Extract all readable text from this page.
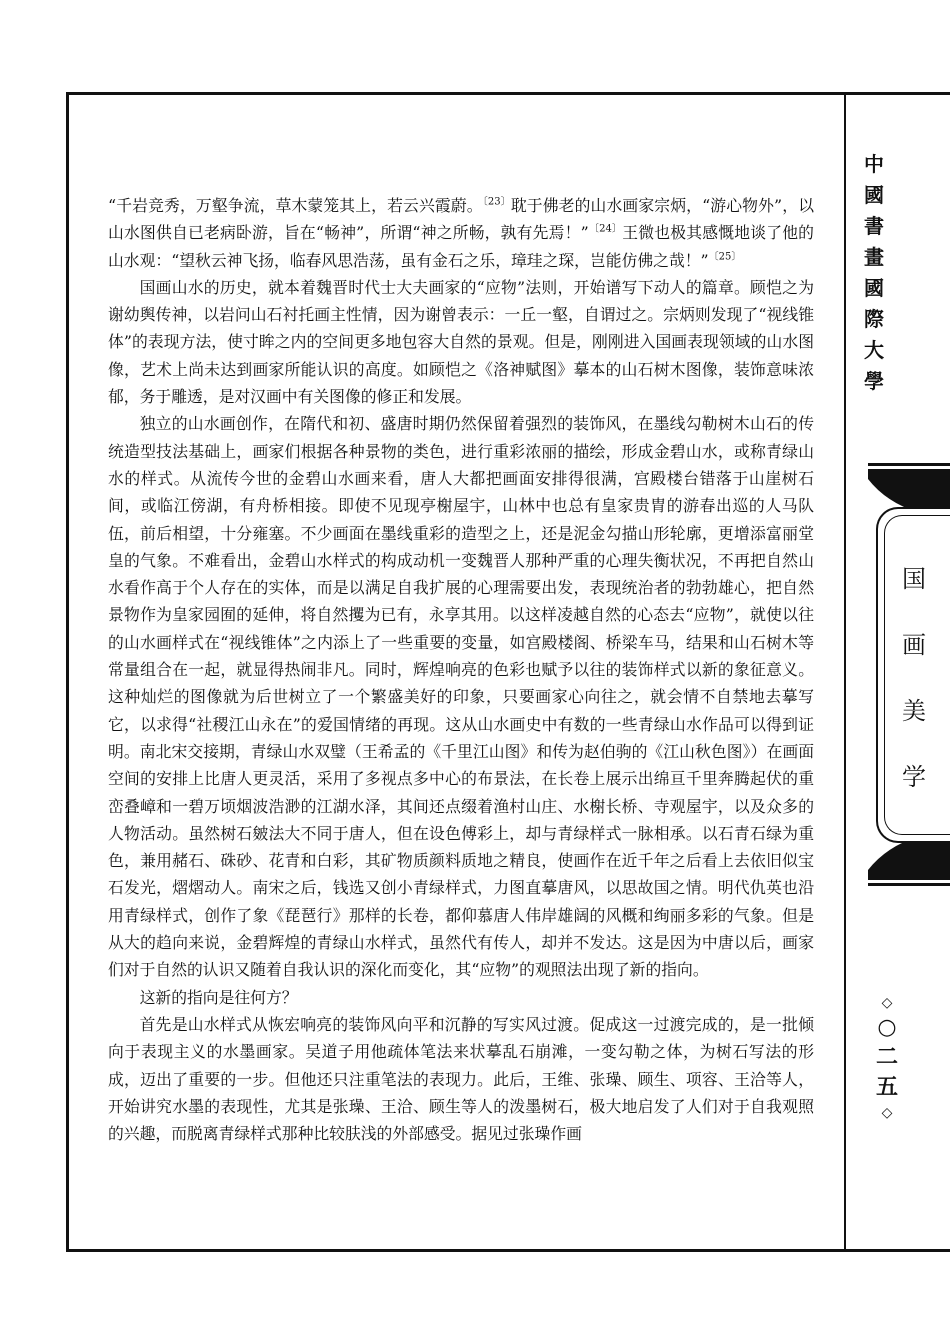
“千岩竞秀，万壑争流，草木蒙笼其上，若云兴霞蔚。$^{〔23〕}$耽于佛老的山水画家宗炳，“游心物外”，以山水图供自已老病卧游，旨在“畅神”，所谓“神之所畅，孰有先焉！”$^{〔24〕}$王微也极其感慨地谈了他的山水观：“望秋云神飞扬，临春风思浩荡，虽有金石之乐，璋珪之琛，岂能仿佛之哉！”$^{〔25〕}$

国画山水的历史，就本着魏晋时代士大夫画家的“应物”法则，开始谱写下动人的篇章。顾恺之为谢幼舆传神，以岩问山石衬托画主性情，因为谢曾表示：一丘一壑，自谓过之。宗炳则发现了“视线锥体”的表现方法，使寸眸之内的空间更多地包容大自然的景观。但是，刚刚进入国画表现领域的山水图像，艺术上尚未达到画家所能认识的高度。如顾恺之《洛神赋图》摹本的山石树木图像，装饰意味浓郁，务于雕透，是对汉画中有关图像的修正和发展。

独立的山水画创作，在隋代和初、盛唐时期仍然保留着强烈的装饰风，在墨线勾勒树木山石的传统造型技法基础上，画家们根据各种景物的类色，进行重彩浓丽的描绘，形成金碧山水，或称青绿山水的样式。从流传今世的金碧山水画来看，唐人大都把画面安排得很满，宫殿楼台错落于山崖树石间，或临江傍湖，有舟桥相接。即使不见现亭榭屋宇，山林中也总有皇家贵胄的游春出巡的人马队伍，前后相望，十分雍塞。不少画面在墨线重彩的造型之上，还是泥金勾描山形轮廓，更增添富丽堂皇的气象。不难看出，金碧山水样式的构成动机一变魏晋人那种严重的心理失衡状况，不再把自然山水看作高于个人存在的实体，而是以满足自我扩展的心理需要出发，表现统治者的勃勃雄心，把自然景物作为皇家园囿的延伸，将自然攫为已有，永享其用。以这样凌越自然的心态去“应物”，就使以往的山水画样式在“视线锥体”之内添上了一些重要的变量，如宫殿楼阁、桥梁车马，结果和山石树木等常量组合在一起，就显得热闹非凡。同时，辉煌响亮的色彩也赋予以往的装饰样式以新的象征意义。这种灿烂的图像就为后世树立了一个繁盛美好的印象，只要画家心向往之，就会情不自禁地去摹写它，以求得“社稷江山永在”的爱国情绪的再现。这从山水画史中有数的一些青绿山水作品可以得到证明。南北宋交接期，青绿山水双璧（王希孟的《千里江山图》和传为赵伯驹的《江山秋色图》）在画面空间的安排上比唐人更灵活，采用了多视点多中心的布景法，在长卷上展示出绵亘千里奔腾起伏的重峦叠嶂和一碧万顷烟波浩渺的江湖水泽，其间还点缀着渔村山庄、水榭长桥、寺观屋宇，以及众多的人物活动。虽然树石皴法大不同于唐人，但在设色傅彩上，却与青绿样式一脉相承。以石青石绿为重色，兼用赭石、硃砂、花青和白彩，其矿物质颜料质地之精良，使画作在近千年之后看上去依旧似宝石发光，熠熠动人。南宋之后，钱选又创小青绿样式，力图直摹唐风，以思故国之情。明代仇英也沿用青绿样式，创作了象《琵琶行》那样的长卷，都仰慕唐人伟岸雄阔的风概和绚丽多彩的气象。但是从大的趋向来说，金碧辉煌的青绿山水样式，虽然代有传人，却并不发达。这是因为中唐以后，画家们对于自然的认识又随着自我认识的深化而变化，其“应物”的观照法出现了新的指向。

这新的指向是往何方？

首先是山水样式从恢宏响亮的装饰风向平和沉静的写实风过渡。促成这一过渡完成的，是一批倾向于表现主义的水墨画家。吴道子用他疏体笔法来状摹乱石崩滩，一变勾勒之体，为树石写法的形成，迈出了重要的一步。但他还只注重笔法的表现力。此后，王维、张璪、顾生、项容、王洽等人，开始讲究水墨的表现性，尤其是张璪、王洽、顾生等人的泼墨树石，极大地启发了人们对于自我观照的兴趣，而脱离青绿样式那种比较肤浅的外部感受。据见过张璪作画

中
國
書
畫
國
際
大
學
国
画
美
学
◇
○
二
五
◇
